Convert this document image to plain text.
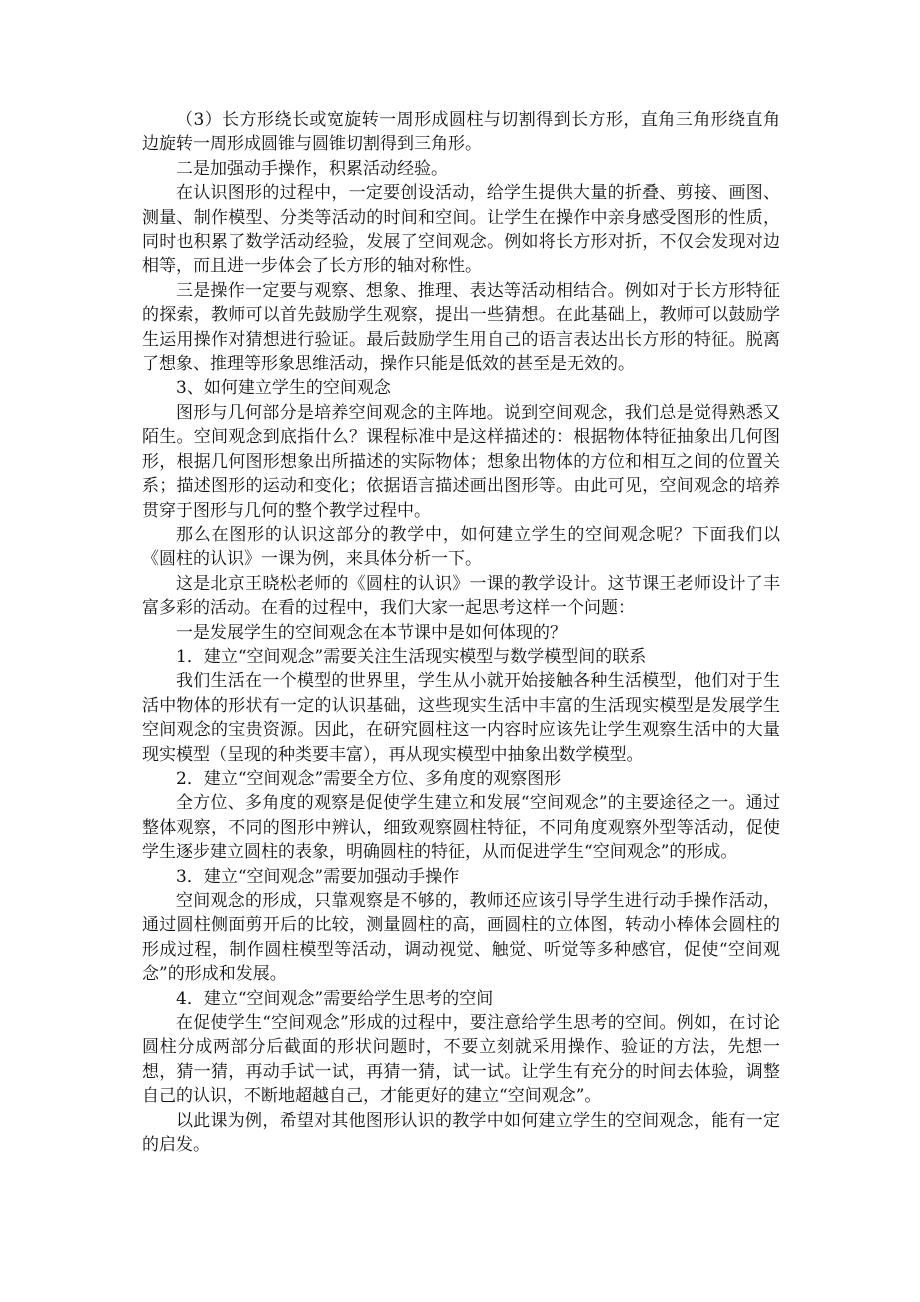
（3）长方形绕长或宽旋转一周形成圆柱与切割得到长方形，直角三角形绕直角边旋转一周形成圆锥与圆锥切割得到三角形。

二是加强动手操作，积累活动经验。

在认识图形的过程中，一定要创设活动，给学生提供大量的折叠、剪接、画图、测量、制作模型、分类等活动的时间和空间。让学生在操作中亲身感受图形的性质，同时也积累了数学活动经验，发展了空间观念。例如将长方形对折，不仅会发现对边相等，而且进一步体会了长方形的轴对称性。

三是操作一定要与观察、想象、推理、表达等活动相结合。例如对于长方形特征的探索，教师可以首先鼓励学生观察，提出一些猜想。在此基础上，教师可以鼓励学生运用操作对猜想进行验证。最后鼓励学生用自己的语言表达出长方形的特征。脱离了想象、推理等形象思维活动，操作只能是低效的甚至是无效的。

3、如何建立学生的空间观念

图形与几何部分是培养空间观念的主阵地。说到空间观念，我们总是觉得熟悉又陌生。空间观念到底指什么？课程标准中是这样描述的：根据物体特征抽象出几何图形，根据几何图形想象出所描述的实际物体；想象出物体的方位和相互之间的位置关系；描述图形的运动和变化；依据语言描述画出图形等。由此可见，空间观念的培养贯穿于图形与几何的整个教学过程中。

那么在图形的认识这部分的教学中，如何建立学生的空间观念呢？下面我们以《圆柱的认识》一课为例，来具体分析一下。

这是北京王晓松老师的《圆柱的认识》一课的教学设计。这节课王老师设计了丰富多彩的活动。在看的过程中，我们大家一起思考这样一个问题：

一是发展学生的空间观念在本节课中是如何体现的？

1．建立“空间观念”需要关注生活现实模型与数学模型间的联系

我们生活在一个模型的世界里，学生从小就开始接触各种生活模型，他们对于生活中物体的形状有一定的认识基础，这些现实生活中丰富的生活现实模型是发展学生空间观念的宝贵资源。因此，在研究圆柱这一内容时应该先让学生观察生活中的大量现实模型（呈现的种类要丰富），再从现实模型中抽象出数学模型。

2．建立“空间观念”需要全方位、多角度的观察图形

全方位、多角度的观察是促使学生建立和发展“空间观念”的主要途径之一。通过整体观察，不同的图形中辨认，细致观察圆柱特征，不同角度观察外型等活动，促使学生逐步建立圆柱的表象，明确圆柱的特征，从而促进学生“空间观念”的形成。

3．建立“空间观念”需要加强动手操作

空间观念的形成，只靠观察是不够的，教师还应该引导学生进行动手操作活动，通过圆柱侧面剪开后的比较，测量圆柱的高，画圆柱的立体图，转动小棒体会圆柱的形成过程，制作圆柱模型等活动，调动视觉、触觉、听觉等多种感官，促使“空间观念”的形成和发展。

4．建立“空间观念”需要给学生思考的空间

在促使学生“空间观念”形成的过程中，要注意给学生思考的空间。例如，在讨论圆柱分成两部分后截面的形状问题时，不要立刻就采用操作、验证的方法，先想一想，猜一猜，再动手试一试，再猜一猜，试一试。让学生有充分的时间去体验，调整自己的认识，不断地超越自己，才能更好的建立“空间观念”。

以此课为例，希望对其他图形认识的教学中如何建立学生的空间观念，能有一定的启发。
